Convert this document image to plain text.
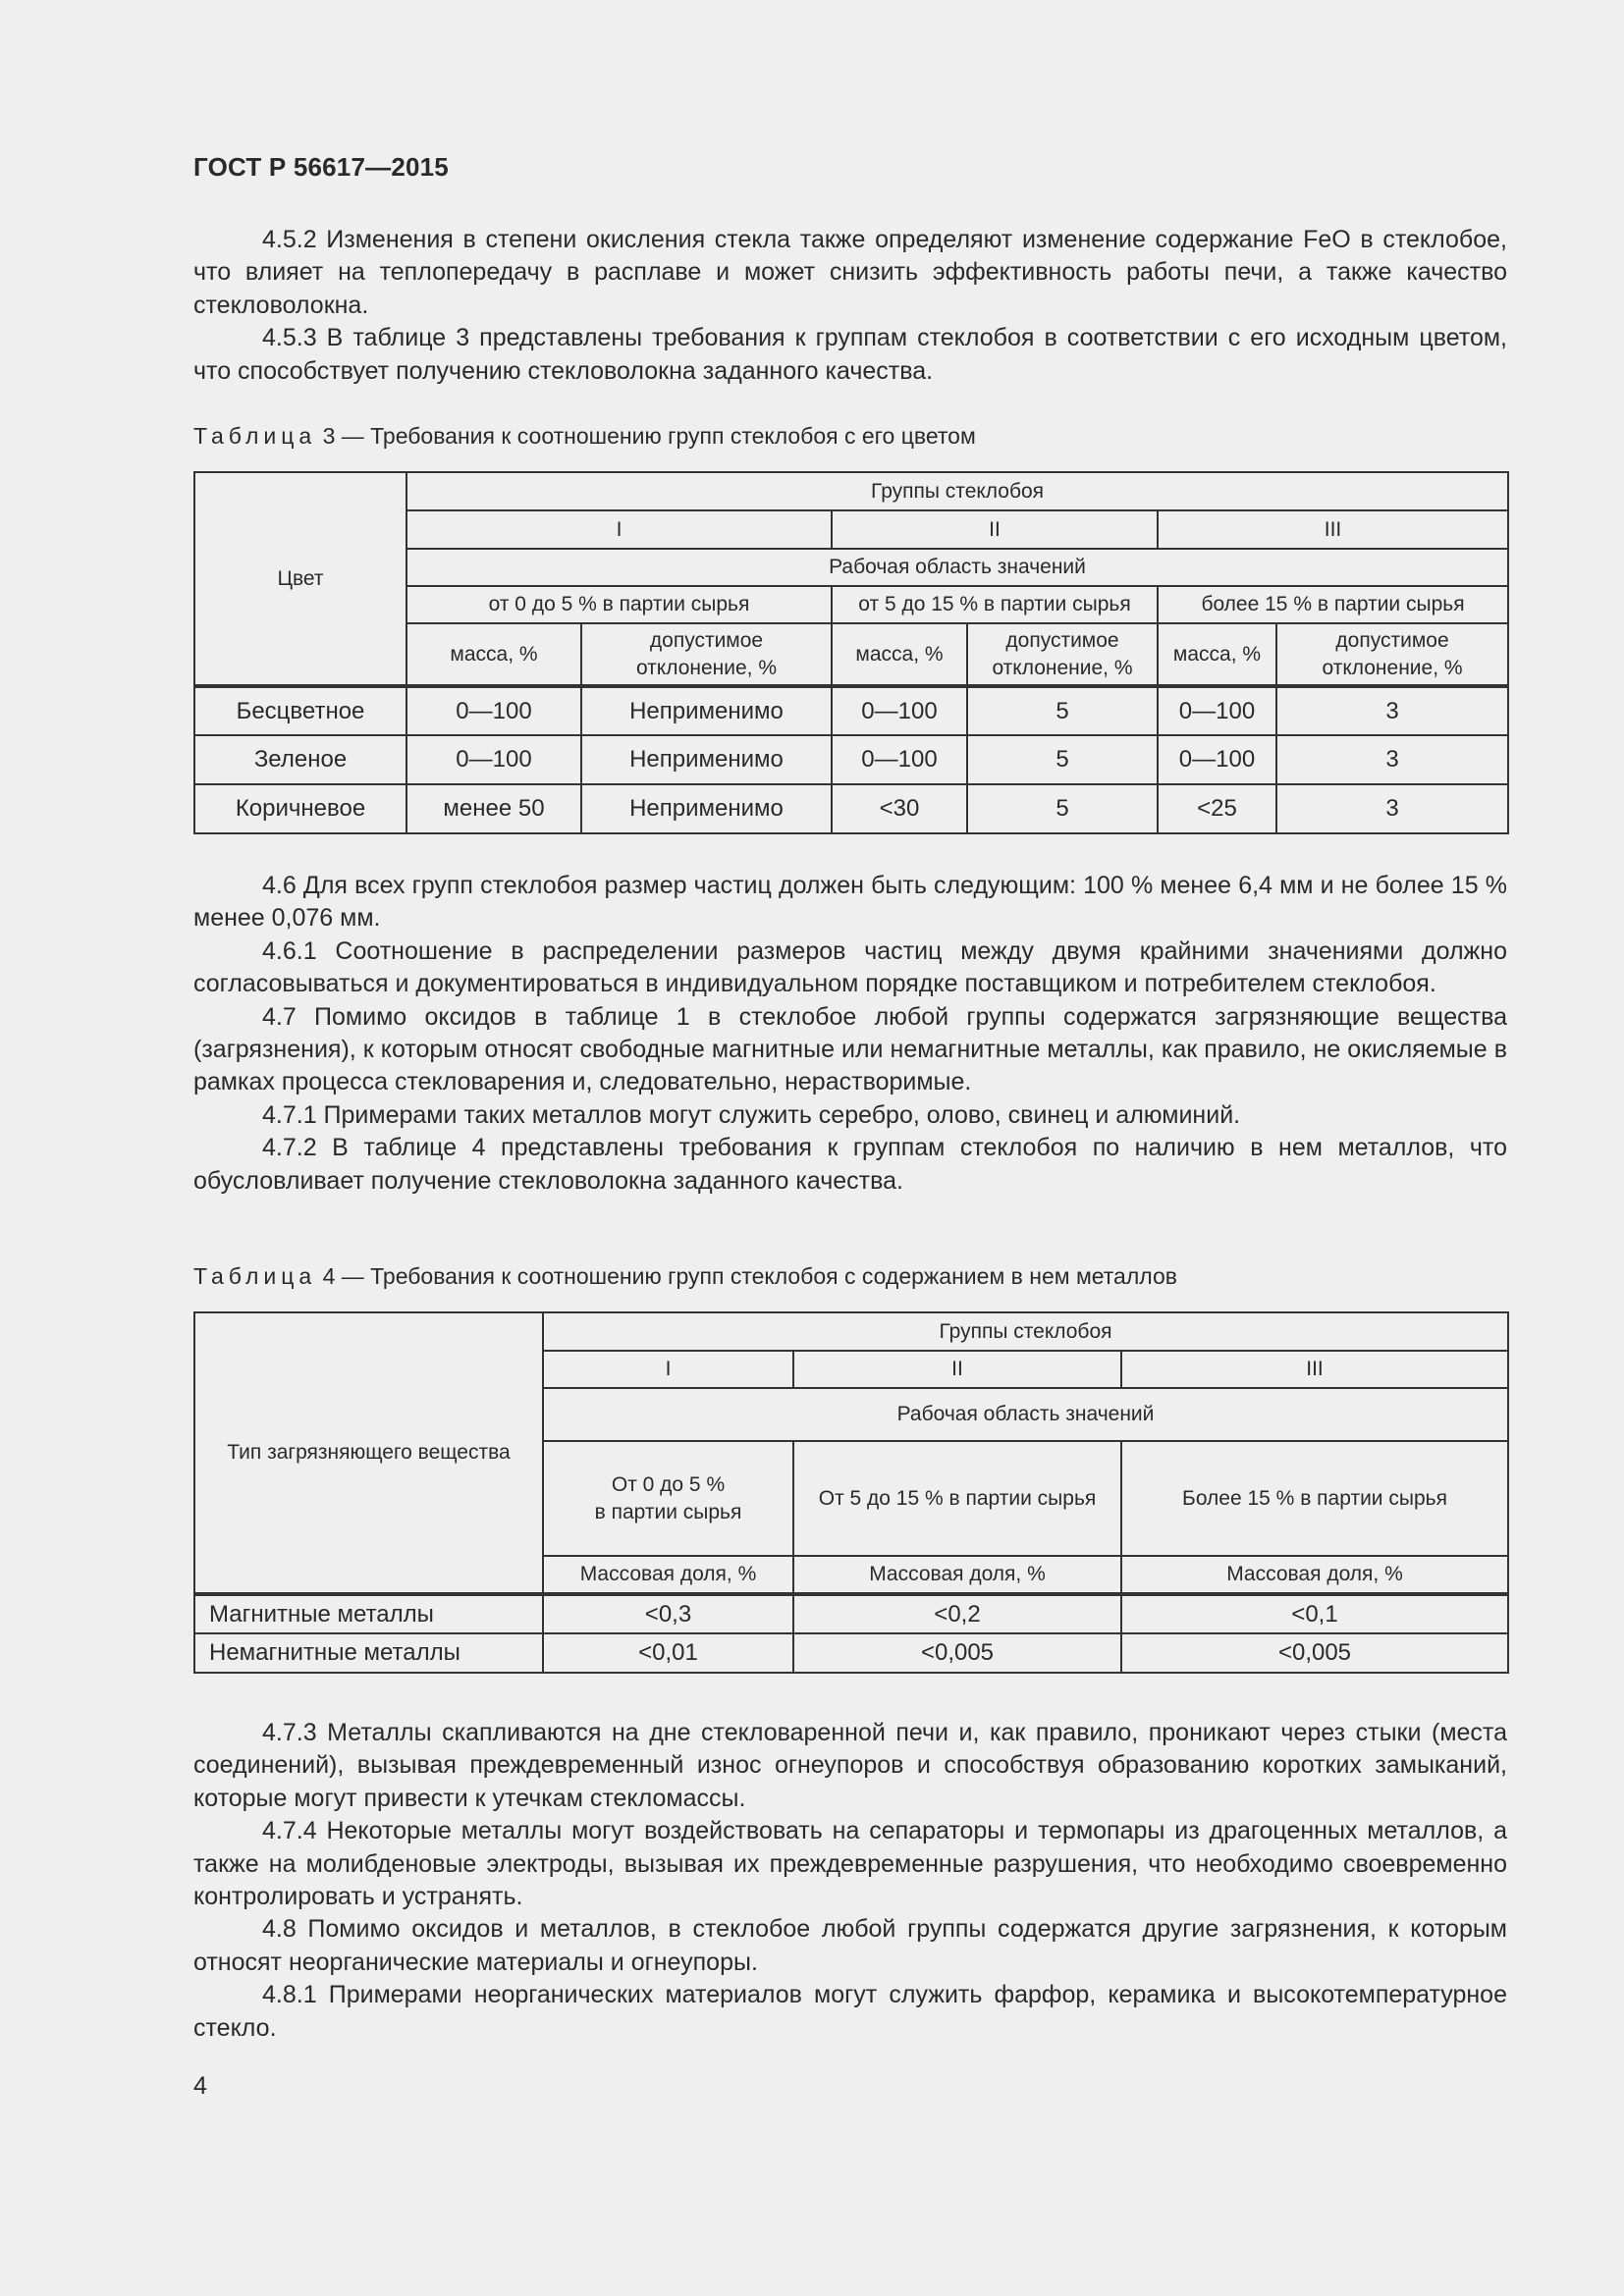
ГОСТ Р 56617—2015

4.5.2 Изменения в степени окисления стекла также определяют изменение содержание FeO в стеклобое, что влияет на теплопередачу в расплаве и может снизить эффективность работы печи, а также качество стекловолокна.

4.5.3 В таблице 3 представлены требования к группам стеклобоя в соответствии с его исходным цветом, что способствует получению стекловолокна заданного качества.

Таблица 3 — Требования к соотношению групп стеклобоя с его цветом
Цвет	Группы стеклобоя					
	I		II		III	
	Рабочая область значений					
	от 0 до 5 % в партии сырья		от 5 до 15 % в партии сырья		более 15 % в партии сырья	
	масса, %	допустимое
отклонение, %	масса, %	допустимое
отклонение, %	масса, %	допустимое
отклонение, %
Бесцветное	0—100	Неприменимо	0—100	5	0—100	3
Зеленое	0—100	Неприменимо	0—100	5	0—100	3
Коричневое	менее 50	Неприменимо	<30	5	<25	3

4.6 Для всех групп стеклобоя размер частиц должен быть следующим: 100 % менее 6,4 мм и не более 15 % менее 0,076 мм.

4.6.1 Соотношение в распределении размеров частиц между двумя крайними значениями должно согласовываться и документироваться в индивидуальном порядке поставщиком и потребителем стеклобоя.

4.7 Помимо оксидов в таблице 1 в стеклобое любой группы содержатся загрязняющие вещества (загрязнения), к которым относят свободные магнитные или немагнитные металлы, как правило, не окисляемые в рамках процесса стекловарения и, следовательно, нерастворимые.

4.7.1 Примерами таких металлов могут служить серебро, олово, свинец и алюминий.

4.7.2 В таблице 4 представлены требования к группам стеклобоя по наличию в нем металлов, что обусловливает получение стекловолокна заданного качества.

Таблица 4 — Требования к соотношению групп стеклобоя с содержанием в нем металлов
Тип загрязняющего вещества	Группы стеклобоя		
	I	II	III
	Рабочая область значений		
	От 0 до 5 %
в партии сырья	От 5 до 15 % в партии сырья	Более 15 % в партии сырья
	Массовая доля, %	Массовая доля, %	Массовая доля, %
Магнитные металлы	<0,3	<0,2	<0,1
Немагнитные металлы	<0,01	<0,005	<0,005

4.7.3 Металлы скапливаются на дне стекловаренной печи и, как правило, проникают через стыки (места соединений), вызывая преждевременный износ огнеупоров и способствуя образованию коротких замыканий, которые могут привести к утечкам стекломассы.

4.7.4 Некоторые металлы могут воздействовать на сепараторы и термопары из драгоценных металлов, а также на молибденовые электроды, вызывая их преждевременные разрушения, что необходимо своевременно контролировать и устранять.

4.8 Помимо оксидов и металлов, в стеклобое любой группы содержатся другие загрязнения, к которым относят неорганические материалы и огнеупоры.

4.8.1 Примерами неорганических материалов могут служить фарфор, керамика и высокотемпературное стекло.

4
